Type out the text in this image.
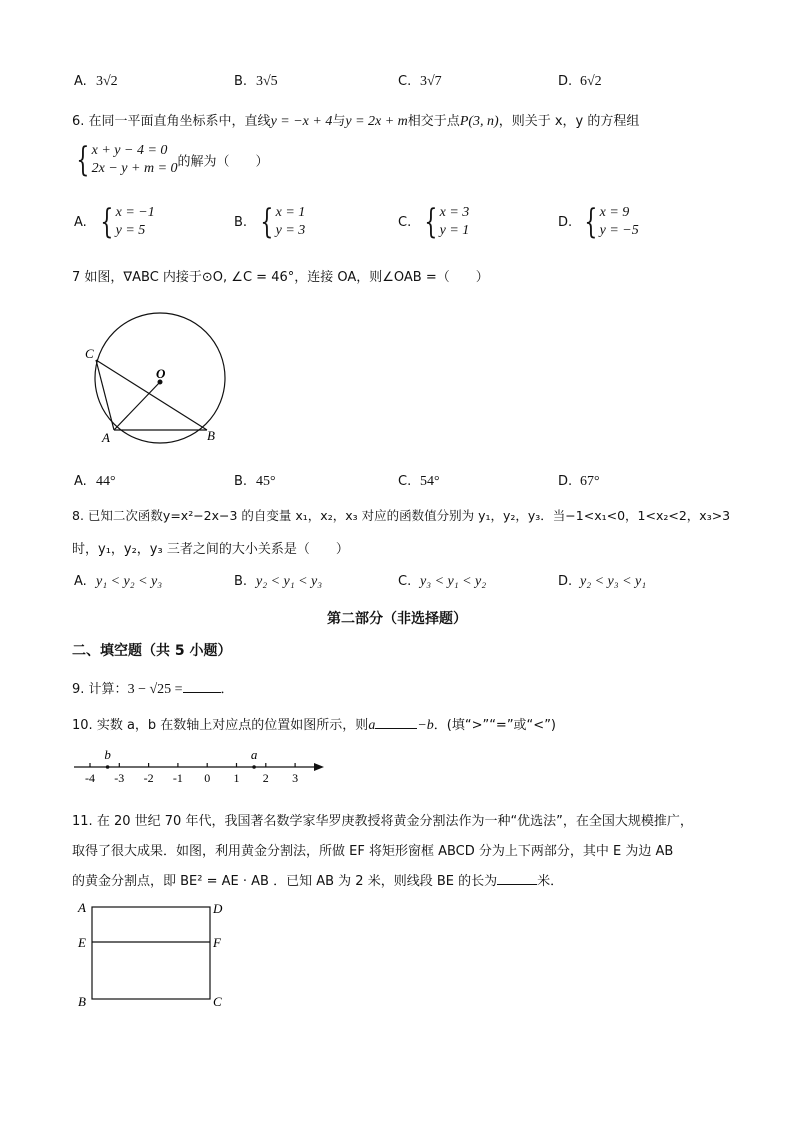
A. 3√2	B. 3√5	C. 3√7	D. 6√2
6. 在同一平面直角坐标系中，直线y = −x + 4与y = 2x + m相交于点P(3, n)，则关于 x，y 的方程组
{ x + y − 4 = 0
2x − y + m = 0 的解为（　　）
A. { x = −1
y = 5
B. { x = 1
y = 3
C. { x = 3
y = 1
D. { x = 9
y = −5
7 如图，∇ABC 内接于⊙O, ∠C = 46°，连接 OA，则∠OAB =（　　）
C
O
A	B
A. 44°	B. 45°	C. 54°	D. 67°
8. 已知二次函数y=x²−2x−3 的自变量 x₁，x₂，x₃ 对应的函数值分别为 y₁，y₂，y₃．当−1<x₁<0，1<x₂<2，x₃>3
时，y₁，y₂，y₃ 三者之间的大小关系是（　　）
A. y₁ < y₂ < y₃	B. y₂ < y₁ < y₃	C. y₃ < y₁ < y₂	D. y₂ < y₃ < y₁
第二部分（非选择题）
二、填空题（共 5 小题）
9. 计算：3 − √25 =	．
10. 实数 a，b 在数轴上对应点的位置如图所示，则a	−b．(填“>”“=”或“<”)
-4 -3 -2 -1 0 1 2 3
b	a
11. 在 20 世纪 70 年代，我国著名数学家华罗庚教授将黄金分割法作为一种“优选法”，在全国大规模推广，
取得了很大成果．如图，利用黄金分割法，所做 EF 将矩形窗框 ABCD 分为上下两部分，其中 E 为边 AB
的黄金分割点，即 BE² = AE · AB ．已知 AB 为 2 米，则线段 BE 的长为	米．
A	D
E	F
B	C
